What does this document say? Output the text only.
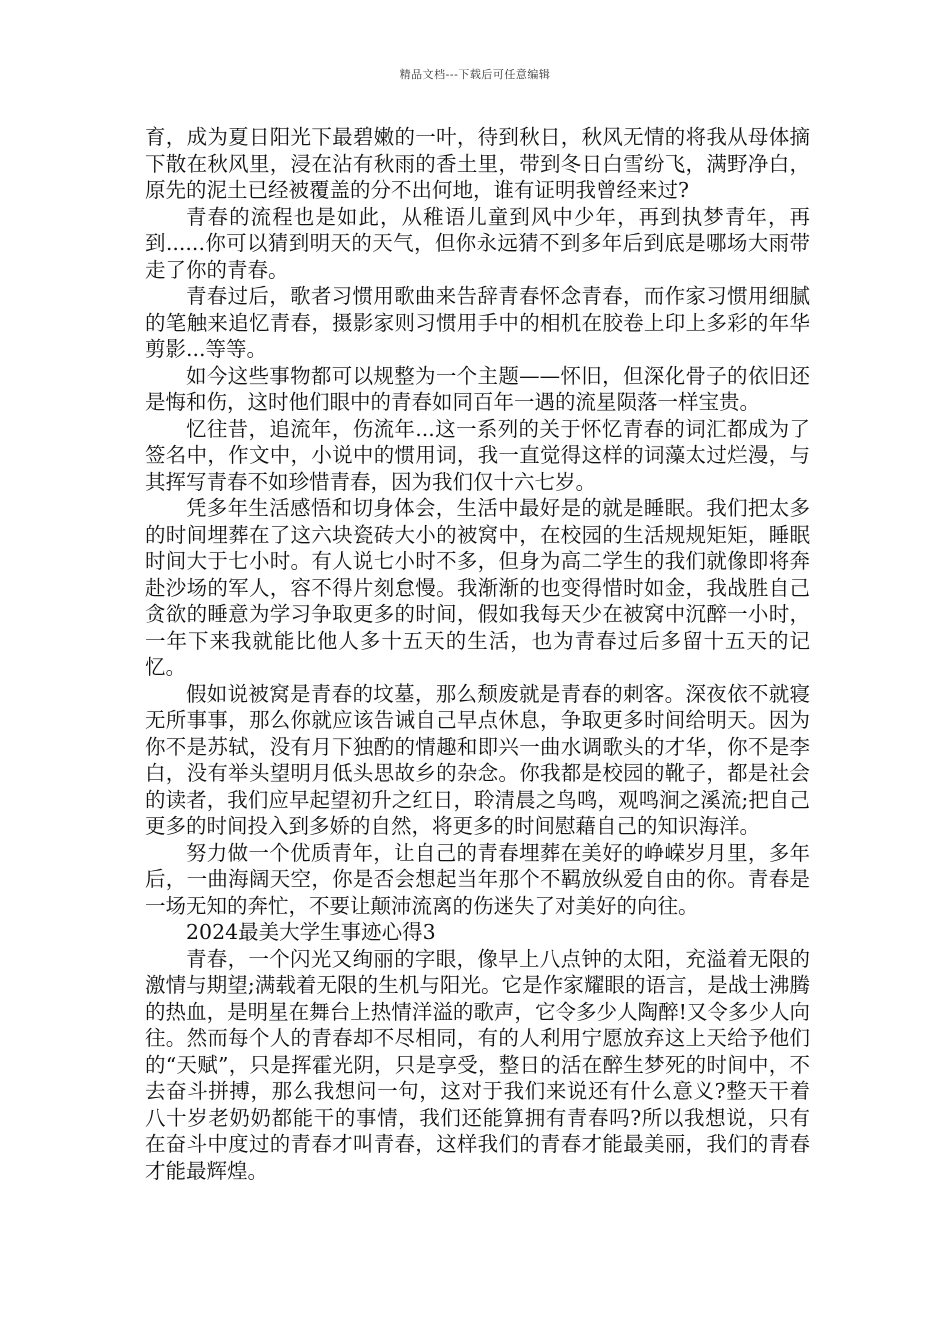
精品文档---下载后可任意编辑

育，成为夏日阳光下最碧嫩的一叶，待到秋日，秋风无情的将我从母体摘下散在秋风里，浸在沾有秋雨的香土里，带到冬日白雪纷飞，满野净白，原先的泥土已经被覆盖的分不出何地，谁有证明我曾经来过?

青春的流程也是如此，从稚语儿童到风中少年，再到执梦青年，再到......你可以猜到明天的天气，但你永远猜不到多年后到底是哪场大雨带走了你的青春。

青春过后，歌者习惯用歌曲来告辞青春怀念青春，而作家习惯用细腻的笔触来追忆青春，摄影家则习惯用手中的相机在胶卷上印上多彩的年华剪影...等等。

如今这些事物都可以规整为一个主题——怀旧，但深化骨子的依旧还是悔和伤，这时他们眼中的青春如同百年一遇的流星陨落一样宝贵。

忆往昔，追流年，伤流年...这一系列的关于怀忆青春的词汇都成为了签名中，作文中，小说中的惯用词，我一直觉得这样的词藻太过烂漫，与其挥写青春不如珍惜青春，因为我们仅十六七岁。

凭多年生活感悟和切身体会，生活中最好是的就是睡眠。我们把太多的时间埋葬在了这六块瓷砖大小的被窝中，在校园的生活规规矩矩，睡眠时间大于七小时。有人说七小时不多，但身为高二学生的我们就像即将奔赴沙场的军人，容不得片刻怠慢。我渐渐的也变得惜时如金，我战胜自己贪欲的睡意为学习争取更多的时间，假如我每天少在被窝中沉醉一小时，一年下来我就能比他人多十五天的生活，也为青春过后多留十五天的记忆。

假如说被窝是青春的坟墓，那么颓废就是青春的刺客。深夜依不就寝无所事事，那么你就应该告诫自己早点休息，争取更多时间给明天。因为你不是苏轼，没有月下独酌的情趣和即兴一曲水调歌头的才华，你不是李白，没有举头望明月低头思故乡的杂念。你我都是校园的靴子，都是社会的读者，我们应早起望初升之红日，聆清晨之鸟鸣，观鸣涧之溪流;把自己更多的时间投入到多娇的自然，将更多的时间慰藉自己的知识海洋。

努力做一个优质青年，让自己的青春埋葬在美好的峥嵘岁月里，多年后，一曲海阔天空，你是否会想起当年那个不羁放纵爱自由的你。青春是一场无知的奔忙，不要让颠沛流离的伤迷失了对美好的向往。

2024最美大学生事迹心得3

青春，一个闪光又绚丽的字眼，像早上八点钟的太阳，充溢着无限的激情与期望;满载着无限的生机与阳光。它是作家耀眼的语言，是战士沸腾的热血，是明星在舞台上热情洋溢的歌声，它令多少人陶醉!又令多少人向往。然而每个人的青春却不尽相同，有的人利用宁愿放弃这上天给予他们的“天赋”，只是挥霍光阴，只是享受，整日的活在醉生梦死的时间中，不去奋斗拼搏，那么我想问一句，这对于我们来说还有什么意义?整天干着八十岁老奶奶都能干的事情，我们还能算拥有青春吗?所以我想说，只有在奋斗中度过的青春才叫青春，这样我们的青春才能最美丽，我们的青春才能最辉煌。
